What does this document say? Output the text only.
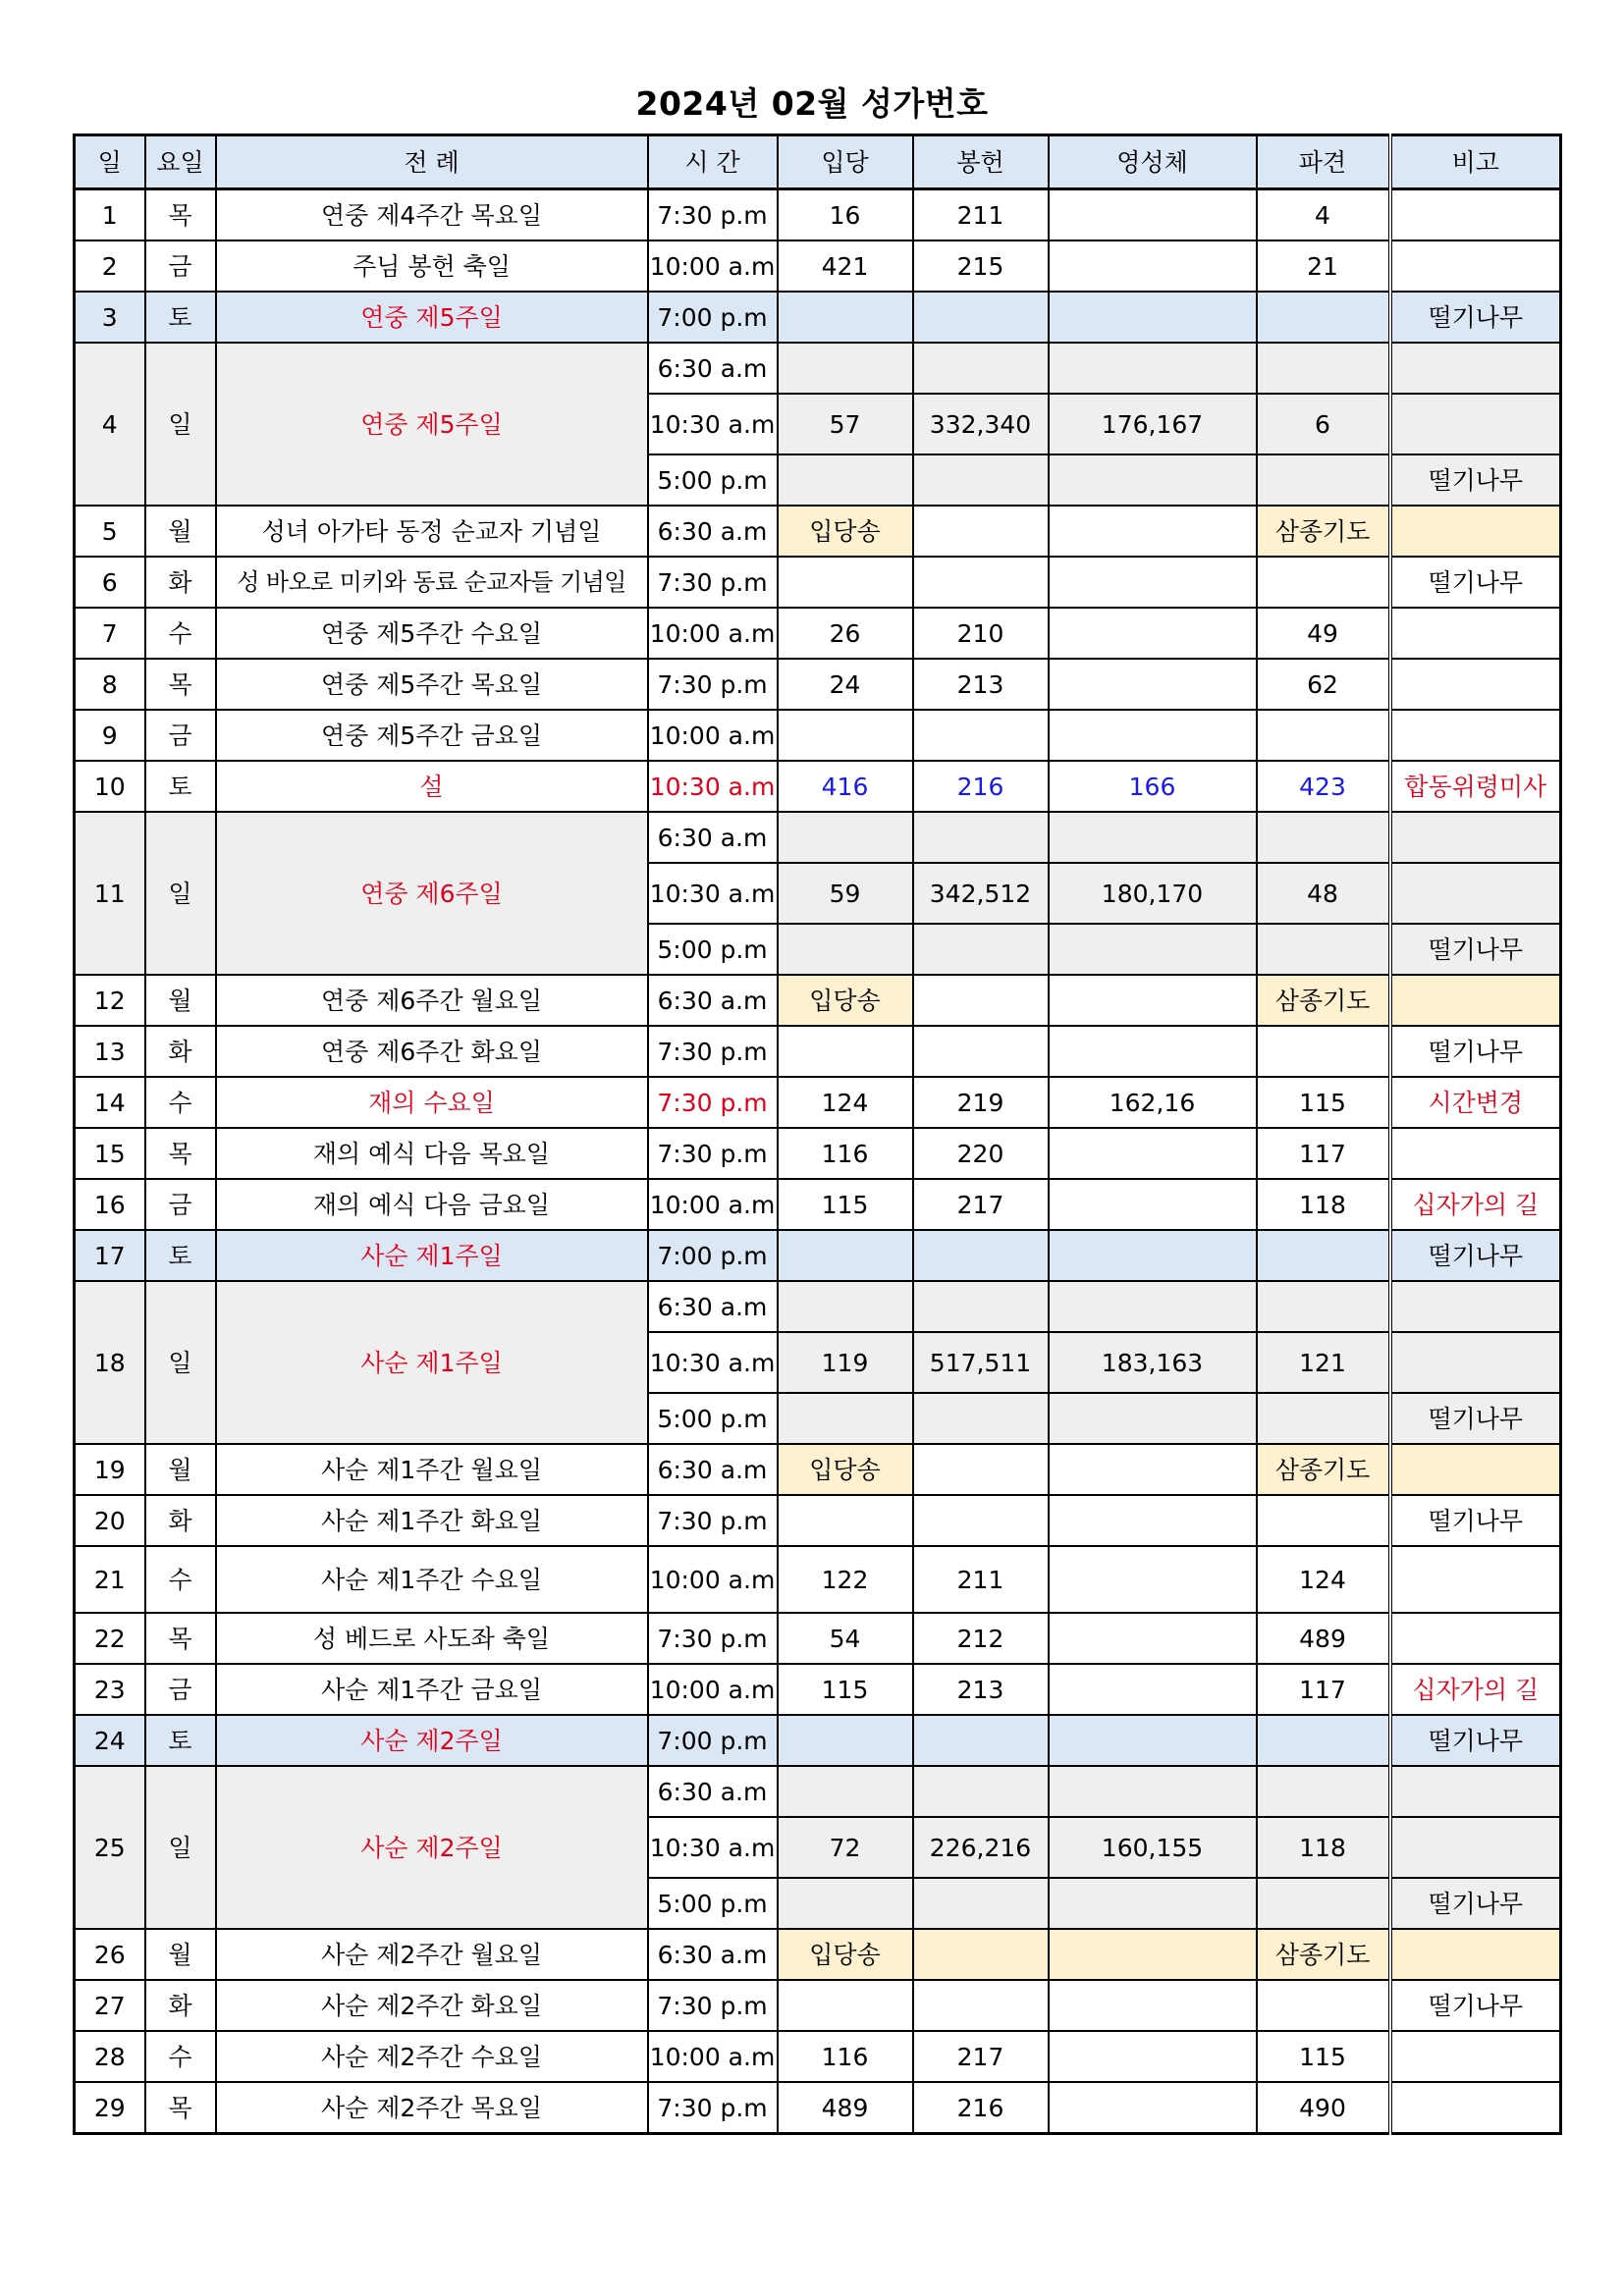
2024년 02월 성가번호
일	요일	전 례	시 간	입당	봉헌	영성체	파견	비고
1	목	연중 제4주간 목요일	7:30 p.m	16	211		4	
2	금	주님 봉헌 축일	10:00 a.m	421	215		21	
3	토	연중 제5주일	7:00 p.m					떨기나무
4	일	연중 제5주일	6:30 a.m					
			10:30 a.m	57	332,340	176,167	6	
			5:00 p.m					떨기나무
5	월	성녀 아가타 동정 순교자 기념일	6:30 a.m	입당송			삼종기도	
6	화	성 바오로 미키와 동료 순교자들 기념일	7:30 p.m					떨기나무
7	수	연중 제5주간 수요일	10:00 a.m	26	210		49	
8	목	연중 제5주간 목요일	7:30 p.m	24	213		62	
9	금	연중 제5주간 금요일	10:00 a.m					
10	토	설	10:30 a.m	416	216	166	423	합동위령미사
11	일	연중 제6주일	6:30 a.m					
			10:30 a.m	59	342,512	180,170	48	
			5:00 p.m					떨기나무
12	월	연중 제6주간 월요일	6:30 a.m	입당송			삼종기도	
13	화	연중 제6주간 화요일	7:30 p.m					떨기나무
14	수	재의 수요일	7:30 p.m	124	219	162,16	115	시간변경
15	목	재의 예식 다음 목요일	7:30 p.m	116	220		117	
16	금	재의 예식 다음 금요일	10:00 a.m	115	217		118	십자가의 길
17	토	사순 제1주일	7:00 p.m					떨기나무
18	일	사순 제1주일	6:30 a.m					
			10:30 a.m	119	517,511	183,163	121	
			5:00 p.m					떨기나무
19	월	사순 제1주간 월요일	6:30 a.m	입당송			삼종기도	
20	화	사순 제1주간 화요일	7:30 p.m					떨기나무
21	수	사순 제1주간 수요일	10:00 a.m	122	211		124	
22	목	성 베드로 사도좌 축일	7:30 p.m	54	212		489	
23	금	사순 제1주간 금요일	10:00 a.m	115	213		117	십자가의 길
24	토	사순 제2주일	7:00 p.m					떨기나무
25	일	사순 제2주일	6:30 a.m					
			10:30 a.m	72	226,216	160,155	118	
			5:00 p.m					떨기나무
26	월	사순 제2주간 월요일	6:30 a.m	입당송			삼종기도	
27	화	사순 제2주간 화요일	7:30 p.m					떨기나무
28	수	사순 제2주간 수요일	10:00 a.m	116	217		115	
29	목	사순 제2주간 목요일	7:30 p.m	489	216		490	
